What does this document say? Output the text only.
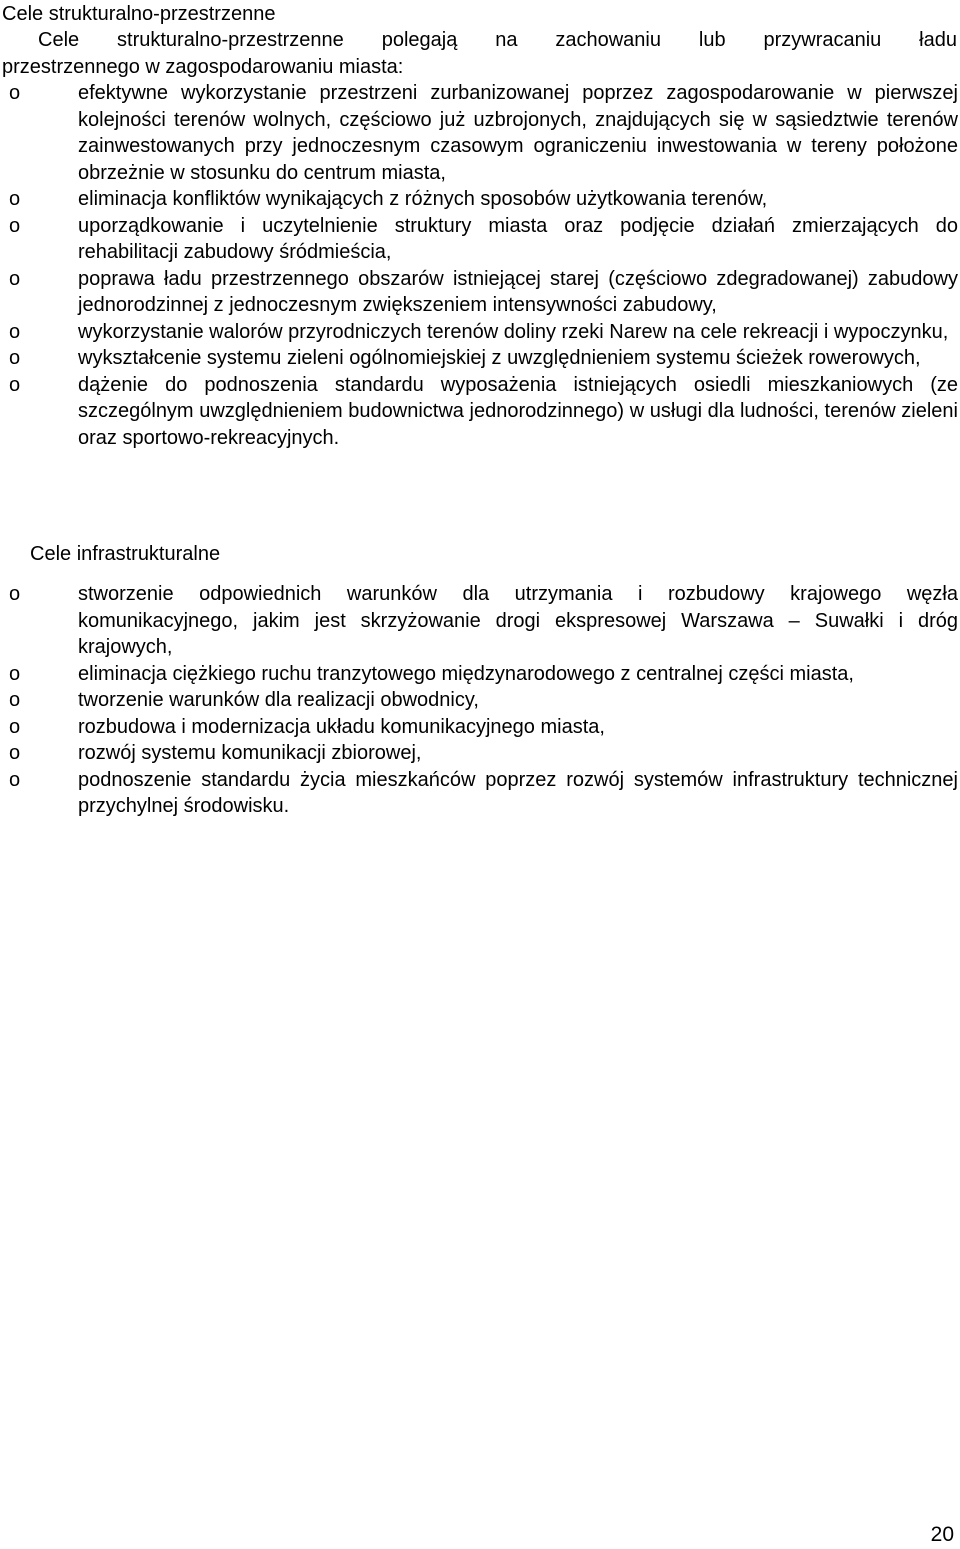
Cele strukturalno-przestrzenne
Cele strukturalno-przestrzenne polegają na zachowaniu lub przywracaniu ładu
przestrzennego w zagospodarowaniu miasta:
o	efektywne wykorzystanie przestrzeni zurbanizowanej poprzez zagospodarowanie w pierwszej kolejności terenów wolnych, częściowo już uzbrojonych, znajdujących się w sąsiedztwie terenów zainwestowanych przy jednoczesnym czasowym ograniczeniu inwestowania w tereny położone obrzeżnie w stosunku do centrum miasta,
o	eliminacja konfliktów wynikających z różnych sposobów użytkowania terenów,
o	uporządkowanie i uczytelnienie struktury miasta oraz podjęcie działań zmierzających do rehabilitacji zabudowy śródmieścia,
o	poprawa ładu przestrzennego obszarów istniejącej starej (częściowo zdegradowanej) zabudowy jednorodzinnej z jednoczesnym zwiększeniem intensywności zabudowy,
o	wykorzystanie walorów przyrodniczych terenów doliny rzeki Narew na cele rekreacji i wypoczynku,
o	wykształcenie systemu zieleni ogólnomiejskiej z uwzględnieniem systemu ścieżek rowerowych,
o	dążenie do podnoszenia standardu wyposażenia istniejących osiedli mieszkaniowych (ze szczególnym uwzględnieniem budownictwa jednorodzinnego) w usługi dla ludności, terenów zieleni oraz sportowo-rekreacyjnych.
Cele infrastrukturalne
o	stworzenie odpowiednich warunków dla utrzymania i rozbudowy krajowego węzła komunikacyjnego, jakim jest skrzyżowanie drogi ekspresowej Warszawa – Suwałki i dróg krajowych,
o	eliminacja ciężkiego ruchu tranzytowego międzynarodowego z centralnej części miasta,
o	tworzenie warunków dla realizacji obwodnicy,
o	rozbudowa i modernizacja układu komunikacyjnego miasta,
o	rozwój systemu komunikacji zbiorowej,
o	podnoszenie standardu życia mieszkańców poprzez rozwój systemów infrastruktury technicznej przychylnej środowisku.
20
